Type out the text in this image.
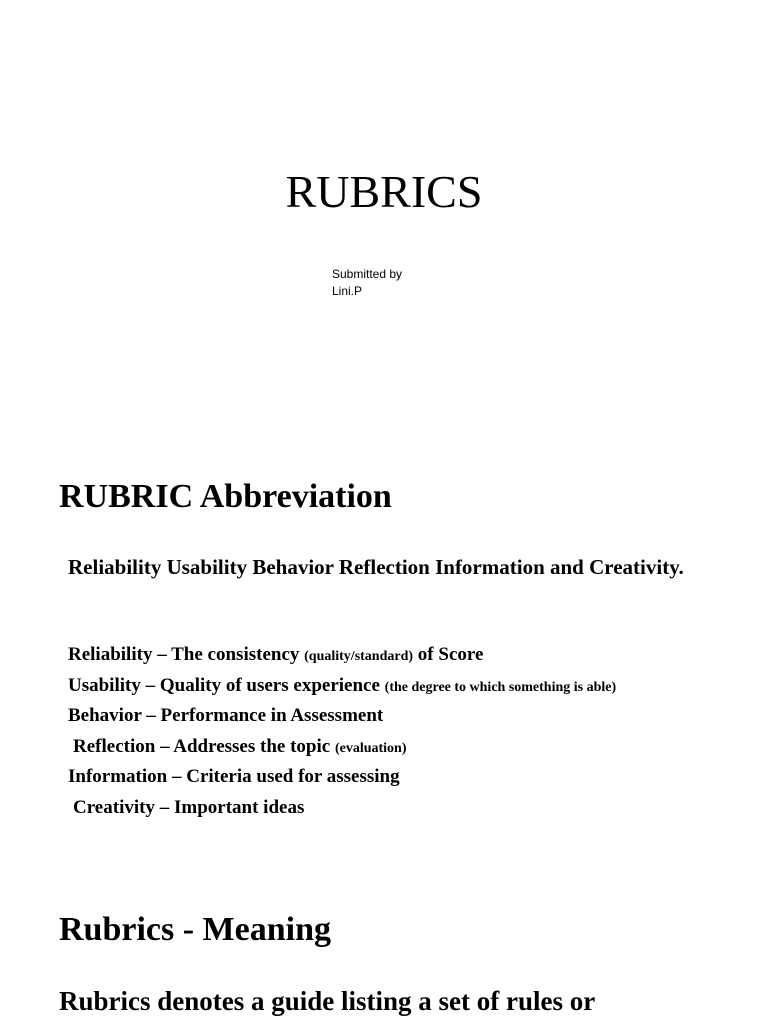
RUBRICS
Submitted by
Lini.P
RUBRIC Abbreviation

Reliability Usability Behavior Reflection Information and Creativity.

Reliability – The consistency (quality/standard) of Score
Usability – Quality of users experience (the degree to which something is able)
Behavior – Performance in Assessment
Reflection – Addresses the topic (evaluation)
Information – Criteria used for assessing
Creativity – Important ideas
Rubrics - Meaning

Rubrics denotes a guide listing a set of rules or
